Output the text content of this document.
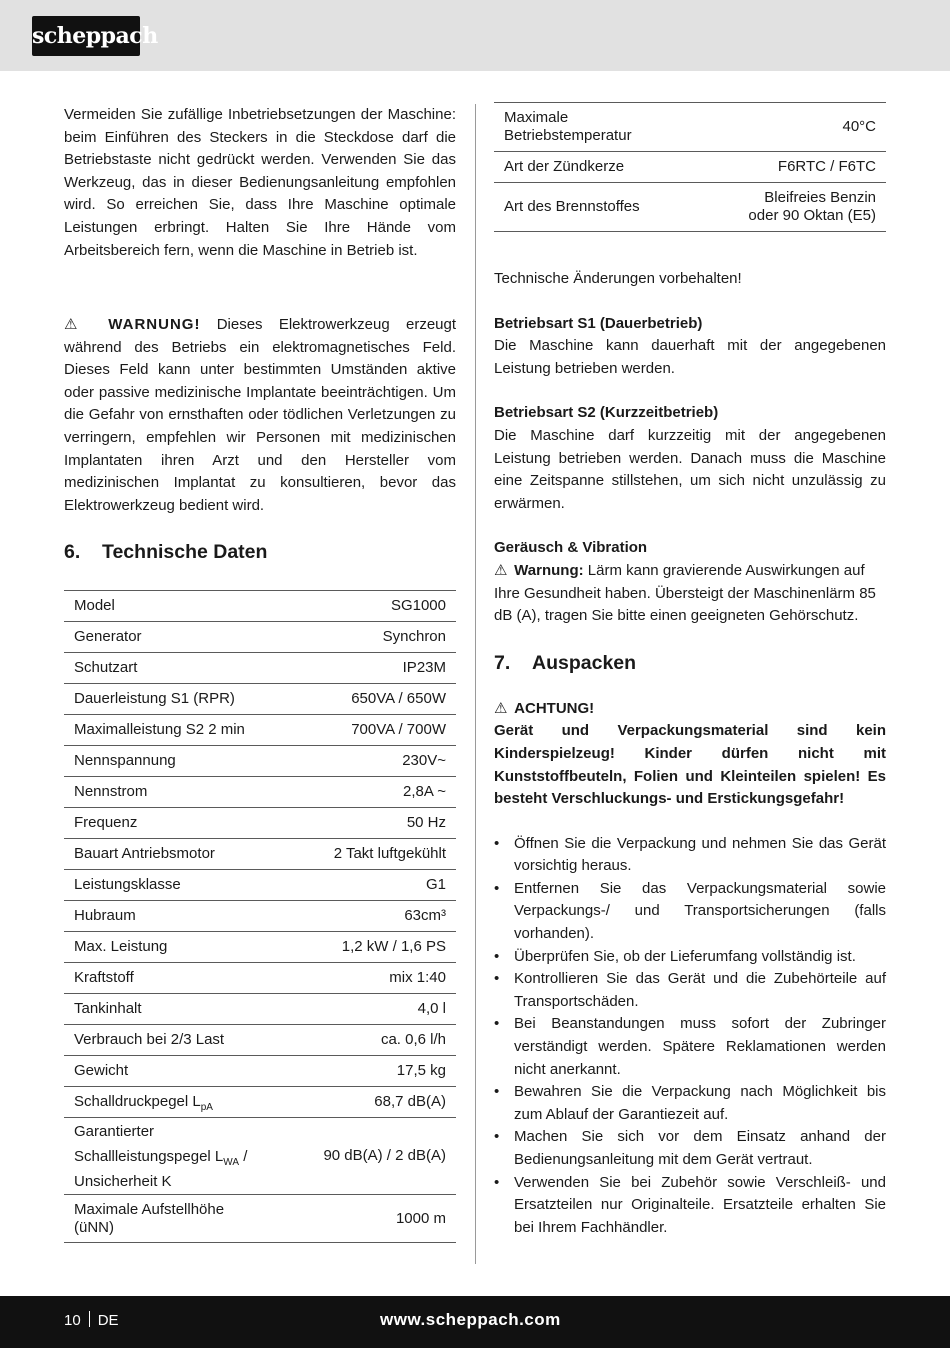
scheppach

Vermeiden Sie zufällige Inbetriebsetzungen der Maschine: beim Einführen des Steckers in die Steckdose darf die Betriebstaste nicht gedrückt werden. Verwenden Sie das Werkzeug, das in dieser Bedienungsanleitung empfohlen wird. So erreichen Sie, dass Ihre Maschine optimale Leistungen erbringt. Halten Sie Ihre Hände vom Arbeitsbereich fern, wenn die Maschine in Betrieb ist.

⚠ WARNUNG! Dieses Elektrowerkzeug erzeugt während des Betriebs ein elektromagnetisches Feld. Dieses Feld kann unter bestimmten Umständen aktive oder passive medizinische Implantate beeinträchtigen. Um die Gefahr von ernsthaften oder tödlichen Verletzungen zu verringern, empfehlen wir Personen mit medizinischen Implantaten ihren Arzt und den Hersteller vom medizinischen Implantat zu konsultieren, bevor das Elektrowerkzeug bedient wird.

6.	Technische Daten
Model	SG1000
Generator	Synchron
Schutzart	IP23M
Dauerleistung S1 (RPR)	650VA / 650W
Maximalleistung S2 2 min	700VA / 700W
Nennspannung	230V~
Nennstrom	2,8A ~
Frequenz	50 Hz
Bauart Antriebsmotor	2 Takt luftgekühlt
Leistungsklasse	G1
Hubraum	63cm³
Max. Leistung	1,2 kW / 1,6 PS
Kraftstoff	mix 1:40
Tankinhalt	4,0 l
Verbrauch bei 2/3 Last	ca. 0,6 l/h
Gewicht	17,5 kg
Schalldruckpegel $L_{pA}$	68,7 dB(A)
Garantierter
Schallleistungspegel $L_{WA}$ /
Unsicherheit K	90 dB(A) / 2 dB(A)
Maximale Aufstellhöhe
(üNN)	1000 m
Maximale
Betriebstemperatur	40°C
Art der Zündkerze	F6RTC / F6TC
Art des Brennstoffes	Bleifreies Benzin
oder 90 Oktan (E5)

Technische Änderungen vorbehalten!

Betriebsart S1 (Dauerbetrieb)

Die Maschine kann dauerhaft mit der angegebenen Leistung betrieben werden.

Betriebsart S2 (Kurzzeitbetrieb)

Die Maschine darf kurzzeitig mit der angegebenen Leistung betrieben werden. Danach muss die Maschine eine Zeitspanne stillstehen, um sich nicht unzulässig zu erwärmen.

Geräusch & Vibration

⚠ Warnung: Lärm kann gravierende Auswirkungen auf Ihre Gesundheit haben. Übersteigt der Maschinenlärm 85 dB (A), tragen Sie bitte einen geeigneten Gehörschutz.

7.	Auspacken

⚠ ACHTUNG!

Gerät und Verpackungsmaterial sind kein Kinderspielzeug! Kinder dürfen nicht mit Kunststoffbeuteln, Folien und Kleinteilen spielen! Es besteht Verschluckungs- und Erstickungsgefahr!

• Öffnen Sie die Verpackung und nehmen Sie das Gerät vorsichtig heraus.
• Entfernen Sie das Verpackungsmaterial sowie Verpackungs-/ und Transportsicherungen (falls vorhanden).
• Überprüfen Sie, ob der Lieferumfang vollständig ist.
• Kontrollieren Sie das Gerät und die Zubehörteile auf Transportschäden.
• Bei Beanstandungen muss sofort der Zubringer verständigt werden. Spätere Reklamationen werden nicht anerkannt.
• Bewahren Sie die Verpackung nach Möglichkeit bis zum Ablauf der Garantiezeit auf.
• Machen Sie sich vor dem Einsatz anhand der Bedienungsanleitung mit dem Gerät vertraut.
• Verwenden Sie bei Zubehör sowie Verschleiß- und Ersatzteilen nur Originalteile. Ersatzteile erhalten Sie bei Ihrem Fachhändler.
10 DE	www.scheppach.com
